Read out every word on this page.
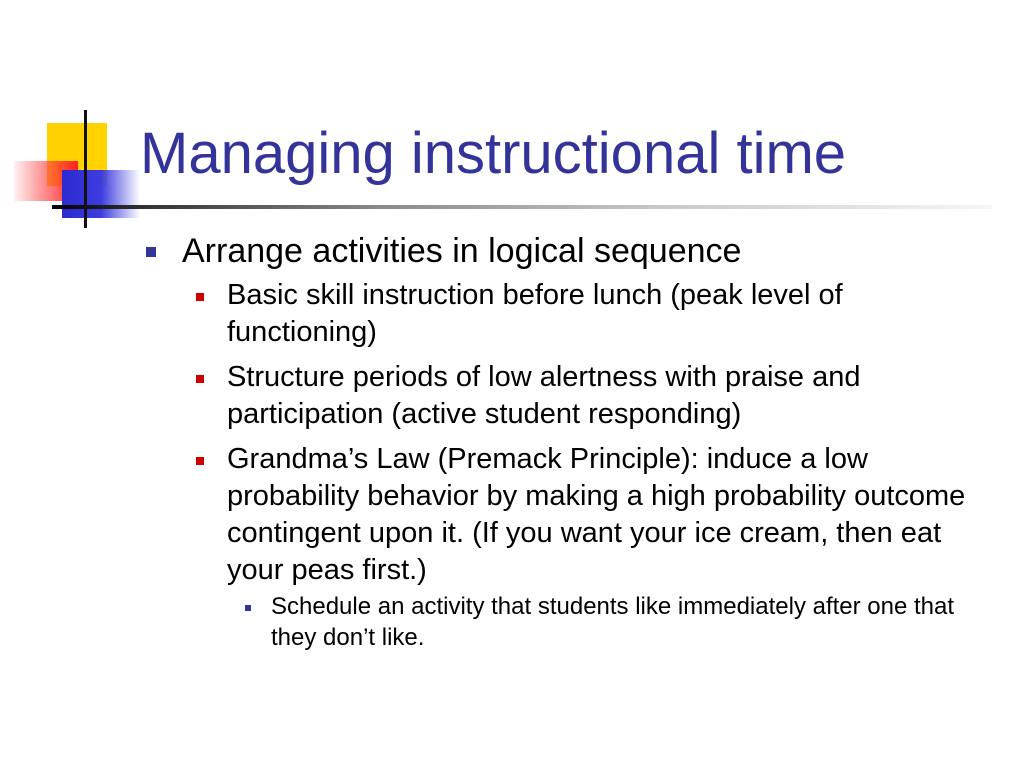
Managing instructional time
Arrange activities in logical sequence
Basic skill instruction before lunch (peak level of functioning)
Structure periods of low alertness with praise and participation (active student responding)
Grandma’s Law (Premack Principle): induce a low probability behavior by making a high probability outcome contingent upon it. (If you want your ice cream, then eat your peas first.)
Schedule an activity that students like immediately after one that they don’t like.
